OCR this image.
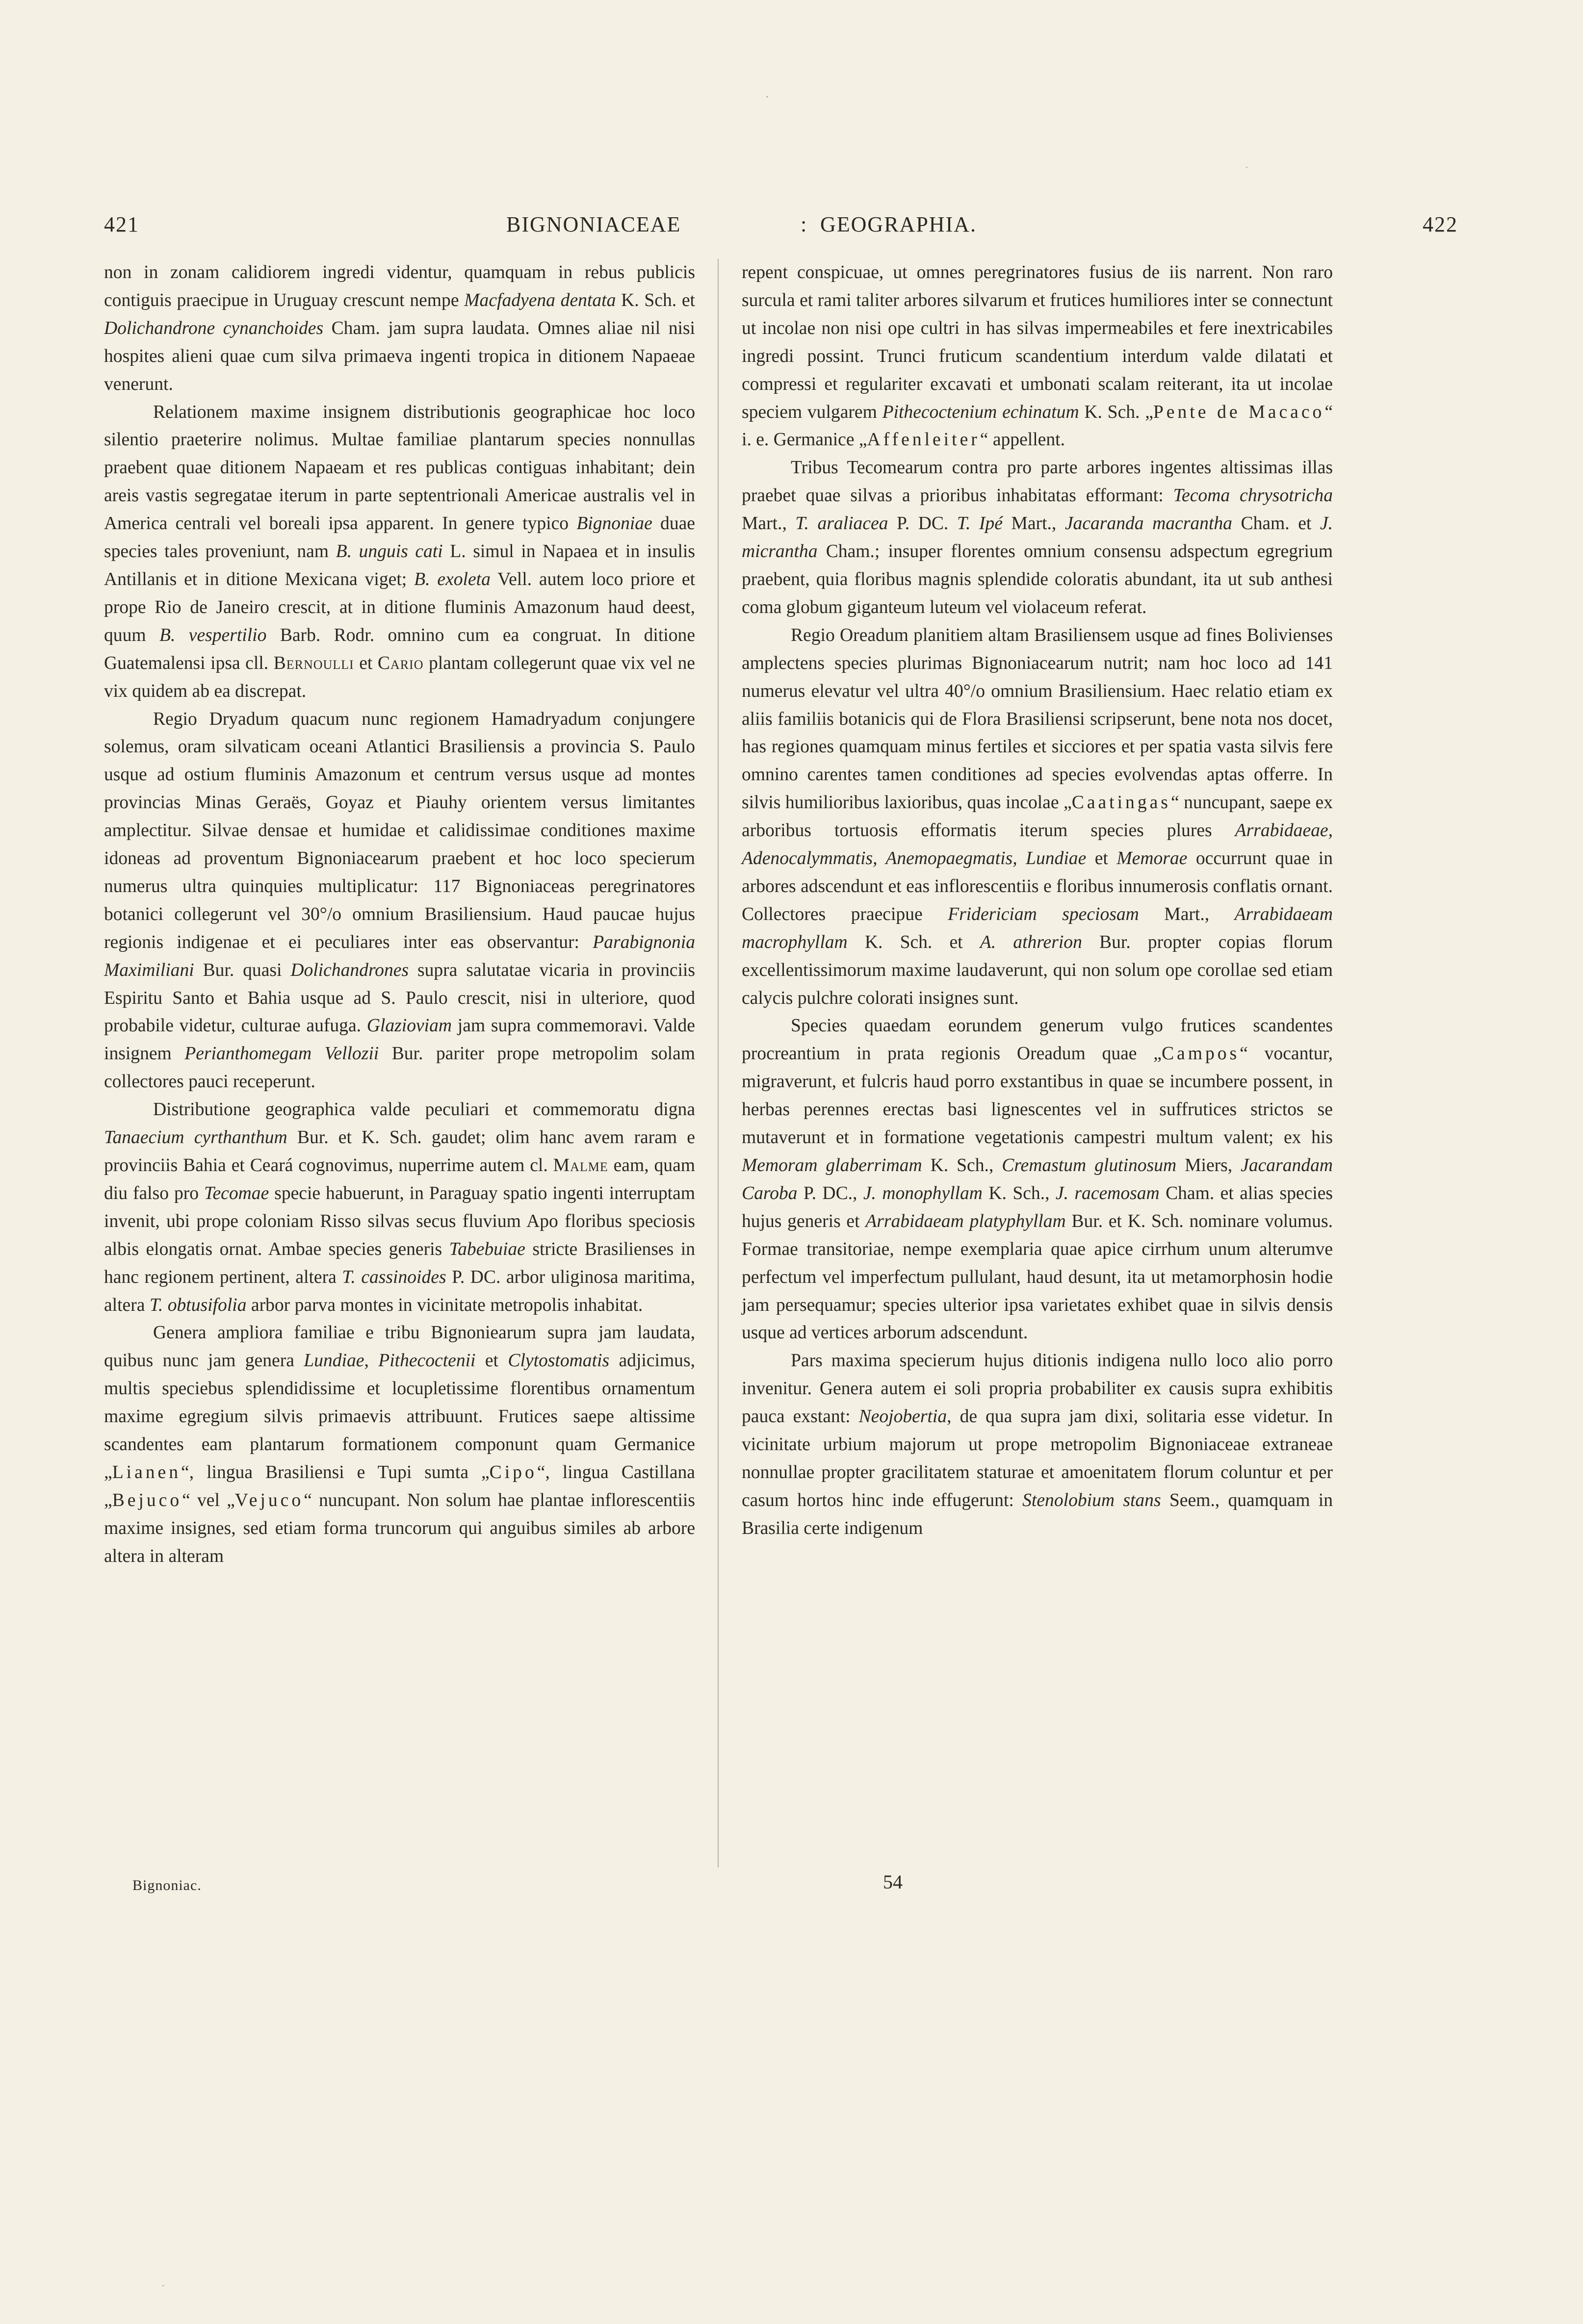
421	BIGNONIACEAE	: GEOGRAPHIA.	422

non in zonam calidiorem ingredi videntur, quamquam in rebus publicis contiguis praecipue in Uruguay crescunt nempe Macfadyena dentata K. Sch. et Dolichandrone cynanchoides Cham. jam supra laudata. Omnes aliae nil nisi hospites alieni quae cum silva primaeva ingenti tropica in ditionem Napaeae venerunt.

Relationem maxime insignem distributionis geographicae hoc loco silentio praeterire nolimus. Multae familiae plantarum species nonnullas praebent quae ditionem Napaeam et res publicas contiguas inhabitant; dein areis vastis segregatae iterum in parte septentrionali Americae australis vel in America centrali vel boreali ipsa apparent. In genere typico Bignoniae duae species tales proveniunt, nam B. unguis cati L. simul in Napaea et in insulis Antillanis et in ditione Mexicana viget; B. exoleta Vell. autem loco priore et prope Rio de Janeiro crescit, at in ditione fluminis Amazonum haud deest, quum B. vespertilio Barb. Rodr. omnino cum ea congruat. In ditione Guatemalensi ipsa cll. Bernoulli et Cario plantam collegerunt quae vix vel ne vix quidem ab ea discrepat.

Regio Dryadum quacum nunc regionem Hamadryadum conjungere solemus, oram silvaticam oceani Atlantici Brasiliensis a provincia S. Paulo usque ad ostium fluminis Amazonum et centrum versus usque ad montes provincias Minas Geraës, Goyaz et Piauhy orientem versus limitantes amplectitur. Silvae densae et humidae et calidissimae conditiones maxime idoneas ad proventum Bignoniacearum praebent et hoc loco specierum numerus ultra quinquies multiplicatur: 117 Bignoniaceas peregrinatores botanici collegerunt vel 30°/o omnium Brasiliensium. Haud paucae hujus regionis indigenae et ei peculiares inter eas observantur: Parabignonia Maximiliani Bur. quasi Dolichandrones supra salutatae vicaria in provinciis Espiritu Santo et Bahia usque ad S. Paulo crescit, nisi in ulteriore, quod probabile videtur, culturae aufuga. Glazioviam jam supra commemoravi. Valde insignem Perianthomegam Vellozii Bur. pariter prope metropolim solam collectores pauci receperunt.

Distributione geographica valde peculiari et commemoratu digna Tanaecium cyrthanthum Bur. et K. Sch. gaudet; olim hanc avem raram e provinciis Bahia et Ceará cognovimus, nuperrime autem cl. Malme eam, quam diu falso pro Tecomae specie habuerunt, in Paraguay spatio ingenti interruptam invenit, ubi prope coloniam Risso silvas secus fluvium Apo floribus speciosis albis elongatis ornat. Ambae species generis Tabebuiae stricte Brasilienses in hanc regionem pertinent, altera T. cassinoides P. DC. arbor uliginosa maritima, altera T. obtusifolia arbor parva montes in vicinitate metropolis inhabitat.

Genera ampliora familiae e tribu Bignoniearum supra jam laudata, quibus nunc jam genera Lundiae, Pithecoctenii et Clytostomatis adjicimus, multis speciebus splendidissime et locupletissime florentibus ornamentum maxime egregium silvis primaevis attribuunt. Frutices saepe altissime scandentes eam plantarum formationem componunt quam Germanice „Lianen“, lingua Brasiliensi e Tupi sumta „Cipo“, lingua Castillana „Bejuco“ vel „Vejuco“ nuncupant. Non solum hae plantae inflorescentiis maxime insignes, sed etiam forma truncorum qui anguibus similes ab arbore altera in alteram

repent conspicuae, ut omnes peregrinatores fusius de iis narrent. Non raro surcula et rami taliter arbores silvarum et frutices humiliores inter se connectunt ut incolae non nisi ope cultri in has silvas impermeabiles et fere inextricabiles ingredi possint. Trunci fruticum scandentium interdum valde dilatati et compressi et regulariter excavati et umbonati scalam reiterant, ita ut incolae speciem vulgarem Pithecoctenium echinatum K. Sch. „Pente de Macaco“ i. e. Germanice „Affenleiter“ appellent.

Tribus Tecomearum contra pro parte arbores ingentes altissimas illas praebet quae silvas a prioribus inhabitatas efformant: Tecoma chrysotricha Mart., T. araliacea P. DC. T. Ipé Mart., Jacaranda macrantha Cham. et J. micrantha Cham.; insuper florentes omnium consensu adspectum egregrium praebent, quia floribus magnis splendide coloratis abundant, ita ut sub anthesi coma globum giganteum luteum vel violaceum referat.

Regio Oreadum planitiem altam Brasiliensem usque ad fines Bolivienses amplectens species plurimas Bignoniacearum nutrit; nam hoc loco ad 141 numerus elevatur vel ultra 40°/o omnium Brasiliensium. Haec relatio etiam ex aliis familiis botanicis qui de Flora Brasiliensi scripserunt, bene nota nos docet, has regiones quamquam minus fertiles et sicciores et per spatia vasta silvis fere omnino carentes tamen conditiones ad species evolvendas aptas offerre. In silvis humilioribus laxioribus, quas incolae „Caatingas“ nuncupant, saepe ex arboribus tortuosis efformatis iterum species plures Arrabidaeae, Adenocalymmatis, Anemopaegmatis, Lundiae et Memorae occurrunt quae in arbores adscendunt et eas inflorescentiis e floribus innumerosis conflatis ornant. Collectores praecipue Fridericiam speciosam Mart., Arrabidaeam macrophyllam K. Sch. et A. athrerion Bur. propter copias florum excellentissimorum maxime laudaverunt, qui non solum ope corollae sed etiam calycis pulchre colorati insignes sunt.

Species quaedam eorundem generum vulgo frutices scandentes procreantium in prata regionis Oreadum quae „Campos“ vocantur, migraverunt, et fulcris haud porro exstantibus in quae se incumbere possent, in herbas perennes erectas basi lignescentes vel in suffrutices strictos se mutaverunt et in formatione vegetationis campestri multum valent; ex his Memoram glaberrimam K. Sch., Cremastum glutinosum Miers, Jacarandam Caroba P. DC., J. monophyllam K. Sch., J. racemosam Cham. et alias species hujus generis et Arrabidaeam platyphyllam Bur. et K. Sch. nominare volumus. Formae transitoriae, nempe exemplaria quae apice cirrhum unum alterumve perfectum vel imperfectum pullulant, haud desunt, ita ut metamorphosin hodie jam persequamur; species ulterior ipsa varietates exhibet quae in silvis densis usque ad vertices arborum adscendunt.

Pars maxima specierum hujus ditionis indigena nullo loco alio porro invenitur. Genera autem ei soli propria probabiliter ex causis supra exhibitis pauca exstant: Neojobertia, de qua supra jam dixi, solitaria esse videtur. In vicinitate urbium majorum ut prope metropolim Bignoniaceae extraneae nonnullae propter gracilitatem staturae et amoenitatem florum coluntur et per casum hortos hinc inde effugerunt: Stenolobium stans Seem., quamquam in Brasilia certe indigenum

Bignoniac.	54
